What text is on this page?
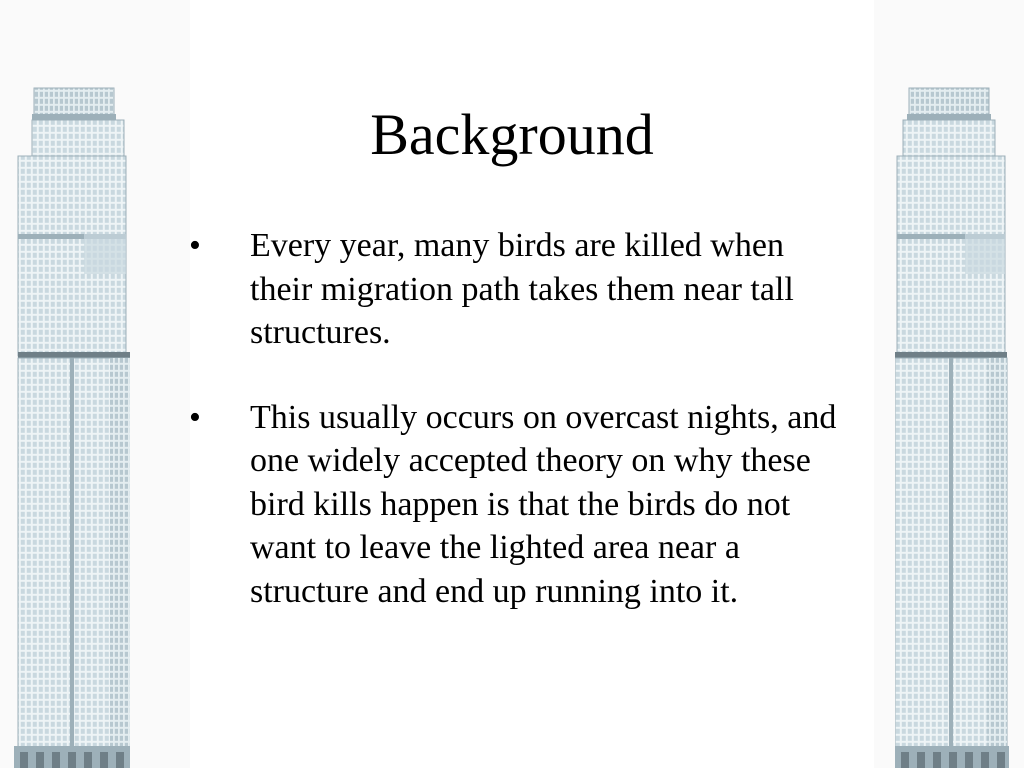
Background
• Every year, many birds are killed when their migration path takes them near tall structures.
• This usually occurs on overcast nights, and one widely accepted theory on why these bird kills happen is that the birds do not want to leave the lighted area near a structure and end up running into it.
